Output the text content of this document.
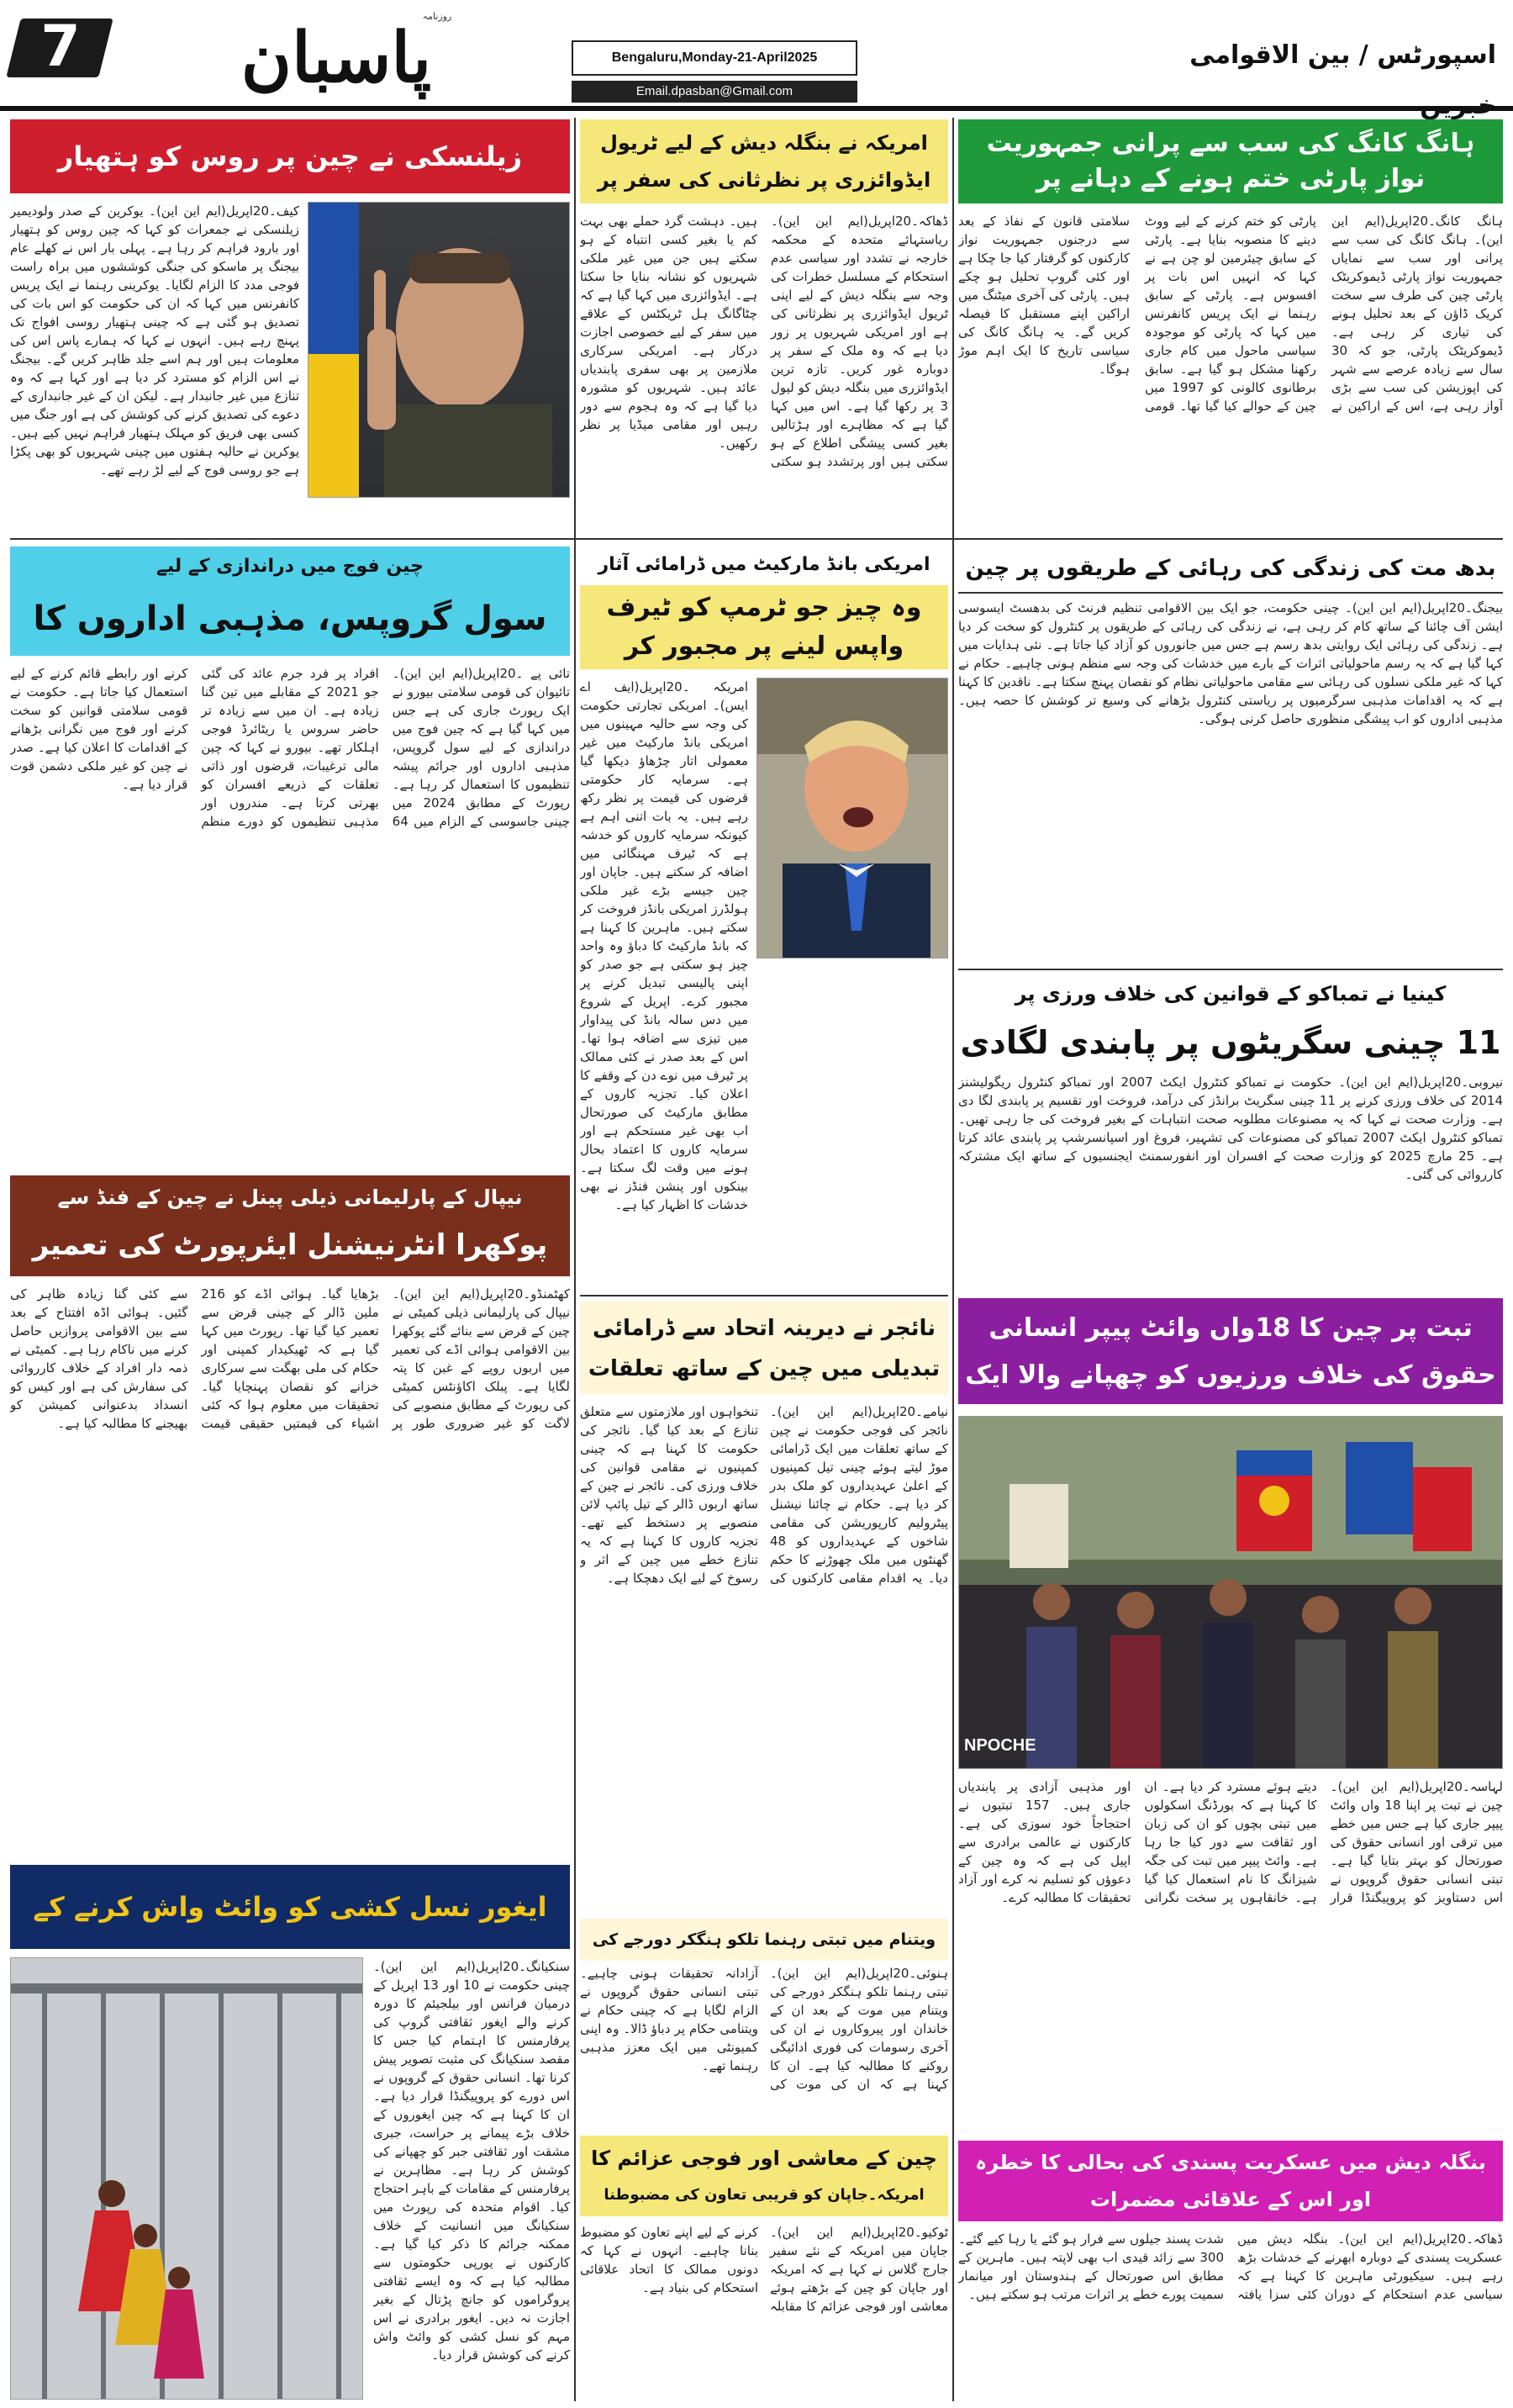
7	روزنامہ
پاسبان	Bengaluru,Monday-21-April2025
Email.dpasban@Gmail.com
اسپورٹس / بین الاقوامی
ہانگ کانگ کی سب سے پرانی جمہوریت نواز پارٹی ختم ہونے کے دہانے پر
ہانگ کانگ۔20اپریل(ایم این این)۔ ہانگ کانگ کی سب سے پرانی اور سب سے نمایاں جمہوریت نواز پارٹی ڈیموکریٹک پارٹی چین کی طرف سے سخت کریک ڈاؤن کے بعد تحلیل ہونے کی تیاری کر رہی ہے۔ ڈیموکریٹک پارٹی، جو کہ 30 سال سے زیادہ عرصے سے شہر کی اپوزیشن کی سب سے بڑی آواز رہی ہے، اس کے اراکین نے پارٹی کو ختم کرنے کے لیے ووٹ دینے کا منصوبہ بنایا ہے۔ پارٹی کے سابق چیئرمین لو چن ہے نے کہا کہ انہیں اس بات پر افسوس ہے۔ پارٹی کے سابق رہنما نے ایک پریس کانفرنس میں کہا کہ پارٹی کو موجودہ سیاسی ماحول میں کام جاری رکھنا مشکل ہو گیا ہے۔ سابق برطانوی کالونی کو 1997 میں چین کے حوالے کیا گیا تھا۔ قومی سلامتی قانون کے نفاذ کے بعد سے درجنوں جمہوریت نواز کارکنوں کو گرفتار کیا جا چکا ہے اور کئی گروپ تحلیل ہو چکے ہیں۔ پارٹی کی آخری میٹنگ میں اراکین اپنے مستقبل کا فیصلہ کریں گے۔ یہ ہانگ کانگ کی سیاسی تاریخ کا ایک اہم موڑ ہوگا۔
امریکہ نے بنگلہ دیش کے لیے ٹریول ایڈوائزری پر نظرثانی کی سفر پر
ڈھاکہ۔20اپریل(ایم این این)۔ ریاستہائے متحدہ کے محکمہ خارجہ نے تشدد اور سیاسی عدم استحکام کے مسلسل خطرات کی وجہ سے بنگلہ دیش کے لیے اپنی ٹریول ایڈوائزری پر نظرثانی کی ہے اور امریکی شہریوں پر زور دیا ہے کہ وہ ملک کے سفر پر دوبارہ غور کریں۔ تازہ ترین ایڈوائزری میں بنگلہ دیش کو لیول 3 پر رکھا گیا ہے۔ اس میں کہا گیا ہے کہ مظاہرے اور ہڑتالیں بغیر کسی پیشگی اطلاع کے ہو سکتی ہیں اور پرتشدد ہو سکتی ہیں۔ دہشت گرد حملے بھی بہت کم یا بغیر کسی انتباہ کے ہو سکتے ہیں جن میں غیر ملکی شہریوں کو نشانہ بنایا جا سکتا ہے۔ ایڈوائزری میں کہا گیا ہے کہ چٹاگانگ ہل ٹریکٹس کے علاقے میں سفر کے لیے خصوصی اجازت درکار ہے۔ امریکی سرکاری ملازمین پر بھی سفری پابندیاں عائد ہیں۔ شہریوں کو مشورہ دیا گیا ہے کہ وہ ہجوم سے دور رہیں اور مقامی میڈیا پر نظر رکھیں۔
زیلنسکی نے چین پر روس کو ہتھیار
کیف۔20اپریل(ایم این این)۔ یوکرین کے صدر ولودیمیر زیلنسکی نے جمعرات کو کہا کہ چین روس کو ہتھیار اور بارود فراہم کر رہا ہے۔ پہلی بار اس نے کھلے عام بیجنگ پر ماسکو کی جنگی کوششوں میں براہ راست فوجی مدد کا الزام لگایا۔ یوکرینی رہنما نے ایک پریس کانفرنس میں کہا کہ ان کی حکومت کو اس بات کی تصدیق ہو گئی ہے کہ چینی ہتھیار روسی افواج تک پہنچ رہے ہیں۔ انہوں نے کہا کہ ہمارے پاس اس کی معلومات ہیں اور ہم اسے جلد ظاہر کریں گے۔ بیجنگ نے اس الزام کو مسترد کر دیا ہے اور کہا ہے کہ وہ تنازع میں غیر جانبدار ہے۔ لیکن ان کے غیر جانبداری کے دعوے کی تصدیق کرنے کی کوشش کی ہے اور جنگ میں کسی بھی فریق کو مہلک ہتھیار فراہم نہیں کیے ہیں۔ یوکرین نے حالیہ ہفتوں میں چینی شہریوں کو بھی پکڑا ہے جو روسی فوج کے لیے لڑ رہے تھے۔
بدھ مت کی زندگی کی رہائی کے طریقوں پر چین
بیجنگ۔20اپریل(ایم این این)۔ چینی حکومت، جو ایک بین الاقوامی تنظیم فرنٹ کی بدھسٹ ایسوسی ایشن آف چائنا کے ساتھ کام کر رہی ہے، نے زندگی کی رہائی کے طریقوں پر کنٹرول کو سخت کر دیا ہے۔ زندگی کی رہائی ایک روایتی بدھ رسم ہے جس میں جانوروں کو آزاد کیا جاتا ہے۔ نئی ہدایات میں کہا گیا ہے کہ یہ رسم ماحولیاتی اثرات کے بارے میں خدشات کی وجہ سے منظم ہونی چاہیے۔ حکام نے کہا کہ غیر ملکی نسلوں کی رہائی سے مقامی ماحولیاتی نظام کو نقصان پہنچ سکتا ہے۔ ناقدین کا کہنا ہے کہ یہ اقدامات مذہبی سرگرمیوں پر ریاستی کنٹرول بڑھانے کی وسیع تر کوشش کا حصہ ہیں۔ مذہبی اداروں کو اب پیشگی منظوری حاصل کرنی ہوگی۔
کینیا نے تمباکو کے قوانین کی خلاف ورزی پر
11 چینی سگریٹوں پر پابندی لگادی
نیروبی۔20اپریل(ایم این این)۔ حکومت نے تمباکو کنٹرول ایکٹ 2007 اور تمباکو کنٹرول ریگولیشنز 2014 کی خلاف ورزی کرنے پر 11 چینی سگریٹ برانڈز کی درآمد، فروخت اور تقسیم پر پابندی لگا دی ہے۔ وزارت صحت نے کہا کہ یہ مصنوعات مطلوبہ صحت انتباہات کے بغیر فروخت کی جا رہی تھیں۔ تمباکو کنٹرول ایکٹ 2007 تمباکو کی مصنوعات کی تشہیر، فروغ اور اسپانسرشپ پر پابندی عائد کرتا ہے۔ 25 مارچ 2025 کو وزارت صحت کے افسران اور انفورسمنٹ ایجنسیوں کے ساتھ ایک مشترکہ کارروائی کی گئی۔
امریکی بانڈ مارکیٹ میں ڈرامائی آثار
وہ چیز جو ٹرمپ کو ٹیرف واپس لینے پر مجبور کر
امریکہ ۔20اپریل(ایف اے ایس)۔ امریکی تجارتی حکومت کی وجہ سے حالیہ مہینوں میں امریکی بانڈ مارکیٹ میں غیر معمولی اتار چڑھاؤ دیکھا گیا ہے۔ سرمایہ کار حکومتی قرضوں کی قیمت پر نظر رکھ رہے ہیں۔ یہ بات اتنی اہم ہے کیونکہ سرمایہ کاروں کو خدشہ ہے کہ ٹیرف مہنگائی میں اضافہ کر سکتے ہیں۔ جاپان اور چین جیسے بڑے غیر ملکی ہولڈرز امریکی بانڈز فروخت کر سکتے ہیں۔ ماہرین کا کہنا ہے کہ بانڈ مارکیٹ کا دباؤ وہ واحد چیز ہو سکتی ہے جو صدر کو اپنی پالیسی تبدیل کرنے پر مجبور کرے۔ اپریل کے شروع میں دس سالہ بانڈ کی پیداوار میں تیزی سے اضافہ ہوا تھا۔ اس کے بعد صدر نے کئی ممالک پر ٹیرف میں نوے دن کے وقفے کا اعلان کیا۔ تجزیہ کاروں کے مطابق مارکیٹ کی صورتحال اب بھی غیر مستحکم ہے اور سرمایہ کاروں کا اعتماد بحال ہونے میں وقت لگ سکتا ہے۔ بینکوں اور پنشن فنڈز نے بھی خدشات کا اظہار کیا ہے۔
چین فوج میں دراندازی کے لیے
سول گروپس، مذہبی اداروں کا
تائی پے ۔20اپریل(ایم این این)۔ تائیوان کی قومی سلامتی بیورو نے ایک رپورٹ جاری کی ہے جس میں کہا گیا ہے کہ چین فوج میں دراندازی کے لیے سول گروپس، مذہبی اداروں اور جرائم پیشہ تنظیموں کا استعمال کر رہا ہے۔ رپورٹ کے مطابق 2024 میں چینی جاسوسی کے الزام میں 64 افراد پر فرد جرم عائد کی گئی جو 2021 کے مقابلے میں تین گنا زیادہ ہے۔ ان میں سے زیادہ تر حاضر سروس یا ریٹائرڈ فوجی اہلکار تھے۔ بیورو نے کہا کہ چین مالی ترغیبات، قرضوں اور ذاتی تعلقات کے ذریعے افسران کو بھرتی کرتا ہے۔ مندروں اور مذہبی تنظیموں کو دورے منظم کرنے اور رابطے قائم کرنے کے لیے استعمال کیا جاتا ہے۔ حکومت نے قومی سلامتی قوانین کو سخت کرنے اور فوج میں نگرانی بڑھانے کے اقدامات کا اعلان کیا ہے۔ صدر نے چین کو غیر ملکی دشمن قوت قرار دیا ہے۔
نیپال کے پارلیمانی ذیلی پینل نے چین کے فنڈ سے
پوکھرا انٹرنیشنل ایئرپورٹ کی تعمیر
کھٹمنڈو۔20اپریل(ایم این این)۔ نیپال کی پارلیمانی ذیلی کمیٹی نے چین کے قرض سے بنائے گئے پوکھرا بین الاقوامی ہوائی اڈے کی تعمیر میں اربوں روپے کے غبن کا پتہ لگایا ہے۔ پبلک اکاؤنٹس کمیٹی کی رپورٹ کے مطابق منصوبے کی لاگت کو غیر ضروری طور پر بڑھایا گیا۔ ہوائی اڈے کو 216 ملین ڈالر کے چینی قرض سے تعمیر کیا گیا تھا۔ رپورٹ میں کہا گیا ہے کہ ٹھیکیدار کمپنی اور حکام کی ملی بھگت سے سرکاری خزانے کو نقصان پہنچایا گیا۔ تحقیقات میں معلوم ہوا کہ کئی اشیاء کی قیمتیں حقیقی قیمت سے کئی گنا زیادہ ظاہر کی گئیں۔ ہوائی اڈہ افتتاح کے بعد سے بین الاقوامی پروازیں حاصل کرنے میں ناکام رہا ہے۔ کمیٹی نے ذمہ دار افراد کے خلاف کارروائی کی سفارش کی ہے اور کیس کو انسداد بدعنوانی کمیشن کو بھیجنے کا مطالبہ کیا ہے۔
نائجر نے دیرینہ اتحاد سے ڈرامائی تبدیلی میں چین کے ساتھ تعلقات
نیامے۔20اپریل(ایم این این)۔ نائجر کی فوجی حکومت نے چین کے ساتھ تعلقات میں ایک ڈرامائی موڑ لیتے ہوئے چینی تیل کمپنیوں کے اعلیٰ عہدیداروں کو ملک بدر کر دیا ہے۔ حکام نے چائنا نیشنل پیٹرولیم کارپوریشن کی مقامی شاخوں کے عہدیداروں کو 48 گھنٹوں میں ملک چھوڑنے کا حکم دیا۔ یہ اقدام مقامی کارکنوں کی تنخواہوں اور ملازمتوں سے متعلق تنازع کے بعد کیا گیا۔ نائجر کی حکومت کا کہنا ہے کہ چینی کمپنیوں نے مقامی قوانین کی خلاف ورزی کی۔ نائجر نے چین کے ساتھ اربوں ڈالر کے تیل پائپ لائن منصوبے پر دستخط کیے تھے۔ تجزیہ کاروں کا کہنا ہے کہ یہ تنازع خطے میں چین کے اثر و رسوخ کے لیے ایک دھچکا ہے۔
ویتنام میں تبتی رہنما تلکو ہنگکر دورجے کی
ہنوئی۔20اپریل(ایم این این)۔ تبتی رہنما تلکو ہنگکر دورجے کی ویتنام میں موت کے بعد ان کے خاندان اور پیروکاروں نے ان کی آخری رسومات کی فوری ادائیگی روکنے کا مطالبہ کیا ہے۔ ان کا کہنا ہے کہ ان کی موت کی آزادانہ تحقیقات ہونی چاہیے۔ تبتی انسانی حقوق گروپوں نے الزام لگایا ہے کہ چینی حکام نے ویتنامی حکام پر دباؤ ڈالا۔ وہ اپنی کمیونٹی میں ایک معزز مذہبی رہنما تھے۔
چین کے معاشی اور فوجی عزائم کا
امریکہ۔جاپان کو قریبی تعاون کی مضبوطنا
ٹوکیو۔20اپریل(ایم این این)۔ جاپان میں امریکہ کے نئے سفیر جارج گلاس نے کہا ہے کہ امریکہ اور جاپان کو چین کے بڑھتے ہوئے معاشی اور فوجی عزائم کا مقابلہ کرنے کے لیے اپنے تعاون کو مضبوط بنانا چاہیے۔ انہوں نے کہا کہ دونوں ممالک کا اتحاد علاقائی استحکام کی بنیاد ہے۔
ایغور نسل کشی کو وائٹ واش کرنے کے
سنکیانگ۔20اپریل(ایم این این)۔ چینی حکومت نے 10 اور 13 اپریل کے درمیان فرانس اور بیلجیئم کا دورہ کرنے والے ایغور ثقافتی گروپ کی پرفارمنس کا اہتمام کیا جس کا مقصد سنکیانگ کی مثبت تصویر پیش کرنا تھا۔ انسانی حقوق کے گروپوں نے اس دورے کو پروپیگنڈا قرار دیا ہے۔ ان کا کہنا ہے کہ چین ایغوروں کے خلاف بڑے پیمانے پر حراست، جبری مشقت اور ثقافتی جبر کو چھپانے کی کوشش کر رہا ہے۔ مظاہرین نے پرفارمنس کے مقامات کے باہر احتجاج کیا۔ اقوام متحدہ کی رپورٹ میں سنکیانگ میں انسانیت کے خلاف ممکنہ جرائم کا ذکر کیا گیا ہے۔ کارکنوں نے یورپی حکومتوں سے مطالبہ کیا ہے کہ وہ ایسے ثقافتی پروگراموں کو جانچ پڑتال کے بغیر اجازت نہ دیں۔ ایغور برادری نے اس مہم کو نسل کشی کو وائٹ واش کرنے کی کوشش قرار دیا۔
تبت پر چین کا 18واں وائٹ پیپر انسانی حقوق کی خلاف ورزیوں کو چھپانے والا ایک
NPOCHE
لہاسہ۔20اپریل(ایم این این)۔ چین نے تبت پر اپنا 18 واں وائٹ پیپر جاری کیا ہے جس میں خطے میں ترقی اور انسانی حقوق کی صورتحال کو بہتر بتایا گیا ہے۔ تبتی انسانی حقوق گروپوں نے اس دستاویز کو پروپیگنڈا قرار دیتے ہوئے مسترد کر دیا ہے۔ ان کا کہنا ہے کہ بورڈنگ اسکولوں میں تبتی بچوں کو ان کی زبان اور ثقافت سے دور کیا جا رہا ہے۔ وائٹ پیپر میں تبت کی جگہ شیزانگ کا نام استعمال کیا گیا ہے۔ خانقاہوں پر سخت نگرانی اور مذہبی آزادی پر پابندیاں جاری ہیں۔ 157 تبتیوں نے احتجاجاً خود سوزی کی ہے۔ کارکنوں نے عالمی برادری سے اپیل کی ہے کہ وہ چین کے دعوؤں کو تسلیم نہ کرے اور آزاد تحقیقات کا مطالبہ کرے۔
بنگلہ دیش میں عسکریت پسندی کی بحالی کا خطرہ اور اس کے علاقائی مضمرات
ڈھاکہ۔20اپریل(ایم این این)۔ بنگلہ دیش میں عسکریت پسندی کے دوبارہ ابھرنے کے خدشات بڑھ رہے ہیں۔ سیکیورٹی ماہرین کا کہنا ہے کہ سیاسی عدم استحکام کے دوران کئی سزا یافتہ شدت پسند جیلوں سے فرار ہو گئے یا رہا کیے گئے۔ 300 سے زائد قیدی اب بھی لاپتہ ہیں۔ ماہرین کے مطابق اس صورتحال کے ہندوستان اور میانمار سمیت پورے خطے پر اثرات مرتب ہو سکتے ہیں۔
